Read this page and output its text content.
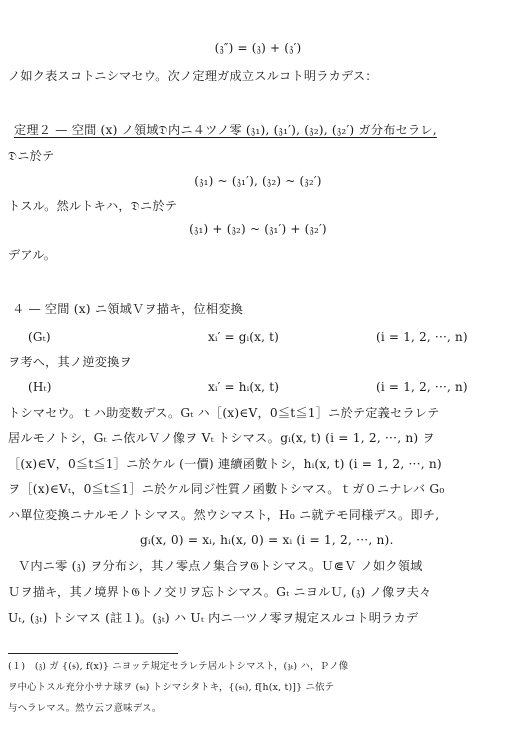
(𝔷″) = (𝔷) + (𝔷′)
ノ如ク表スコトニシマセウ。次ノ定理ガ成立スルコト明ラカデス：
定理２ — 空間 (x) ノ領域𝔇内ニ４ツノ零 (𝔷₁), (𝔷₁′), (𝔷₂), (𝔷₂′) ガ分布セラレ,
𝔇ニ於テ
(𝔷₁) ~ (𝔷₁′), (𝔷₂) ~ (𝔷₂′)
トスル。然ルトキハ，𝔇ニ於テ
(𝔷₁) + (𝔷₂) ~ (𝔷₁′) + (𝔷₂′)
デアル。
４ — 空間 (x) ニ領域Ｖヲ描キ，位相変換
(Gₜ)	xᵢ′ = gᵢ(x, t)	(i = 1, 2, ···, n)
ヲ考ヘ，其ノ逆変換ヲ
(Hₜ)	xᵢ′ = hᵢ(x, t)	(i = 1, 2, ···, n)
トシマセウ。ｔハ助変数デス。Gₜ ハ［(x)∈V，0≦t≦1］ニ於テ定義セラレテ
居ルモノトシ，Gₜ ニ依ルＶノ像ヲ Vₜ トシマス。gᵢ(x, t) (i = 1, 2, ···, n) ヲ
［(x)∈V，0≦t≦1］ニ於ケル (一價) 連續函數トシ，hᵢ(x, t) (i = 1, 2, ···, n)
ヲ［(x)∈Vₜ，0≦t≦1］ニ於ケル同ジ性質ノ函數トシマス。ｔガ０ニナレバ G₀
ハ單位変換ニナルモノトシマス。然ウシマスト，H₀ ニ就テモ同様デス。即チ,
gᵢ(x, 0) = xᵢ, hᵢ(x, 0) = xᵢ (i = 1, 2, ···, n).
Ｖ内ニ零 (𝔷) ヲ分布シ，其ノ零点ノ集合ヲ𝔊トシマス。Ｕ⋐Ｖ ノ如ク領域
Ｕヲ描キ，其ノ境界ト𝔊トノ交リヲ忘トシマス。Gₜ ニヨルＵ, (𝔷) ノ像ヲ夫々
Uₜ, (𝔷ₜ) トシマス (註１)。(𝔷ₜ) ハ Uₜ 内ニ一ツノ零ヲ規定スルコト明ラカデ
(１)　(𝔷) ガ {(𝔰), f(x)} ニヨッテ規定セラレテ居ルトシマスト，(𝔷ₜ) ハ，Ｐノ像
ヲ中心トスル充分小サナ球ヲ (𝔰ₜ) トシマシタトキ，{(𝔰ₜ), f[h(x, t)]} ニ依テ
与ヘラレマス。然ウ云フ意味デス。
